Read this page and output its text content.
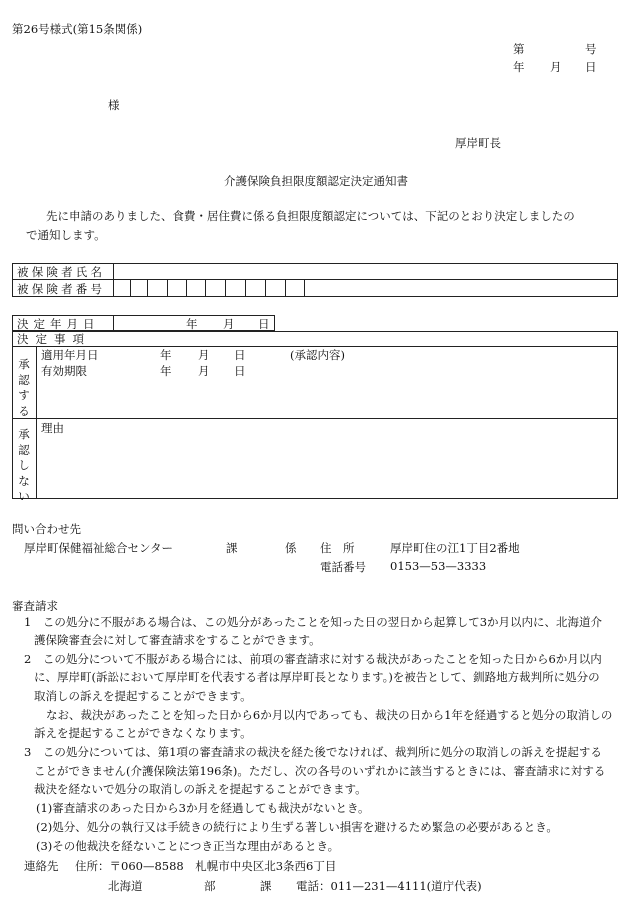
第26号様式(第15条関係)
第	号
年 月 日
様
厚岸町長
介護保険負担限度額認定決定通知書
先に申請のありました、食費・居住費に係る負担限度額認定については、下記のとおり決定しましたの
で通知します。
被保険者氏名
被保険者番号
決定年月日	年 月 日
決定事項
承認する
適用年月日	年 月 日	(承認内容)
有効期限	年 月 日
承認しない
理由
問い合わせ先
厚岸町保健福祉総合センター	課	係 住　所	厚岸町住の江1丁目2番地
電話番号 0153—53—3333
審査請求
1　この処分に不服がある場合は、この処分があったことを知った日の翌日から起算して3か月以内に、北海道介
護保険審査会に対して審査請求をすることができます。
2　この処分について不服がある場合には、前項の審査請求に対する裁決があったことを知った日から6か月以内
に、厚岸町(訴訟において厚岸町を代表する者は厚岸町長となります。)を被告として、釧路地方裁判所に処分の
取消しの訴えを提起することができます。
なお、裁決があったことを知った日から6か月以内であっても、裁決の日から1年を経過すると処分の取消しの
訴えを提起することができなくなります。
3　この処分については、第1項の審査請求の裁決を経た後でなければ、裁判所に処分の取消しの訴えを提起する
ことができません(介護保険法第196条)。ただし、次の各号のいずれかに該当するときには、審査請求に対する
裁決を経ないで処分の取消しの訴えを提起することができます。
(1)審査請求のあった日から3か月を経過しても裁決がないとき。
(2)処分、処分の執行又は手続きの続行により生ずる著しい損害を避けるため緊急の必要があるとき。
(3)その他裁決を経ないことにつき正当な理由があるとき。
連絡先 住所：〒060—8588　札幌市中央区北3条西6丁目
北海道	部	課 電話：011—231—4111(道庁代表)
